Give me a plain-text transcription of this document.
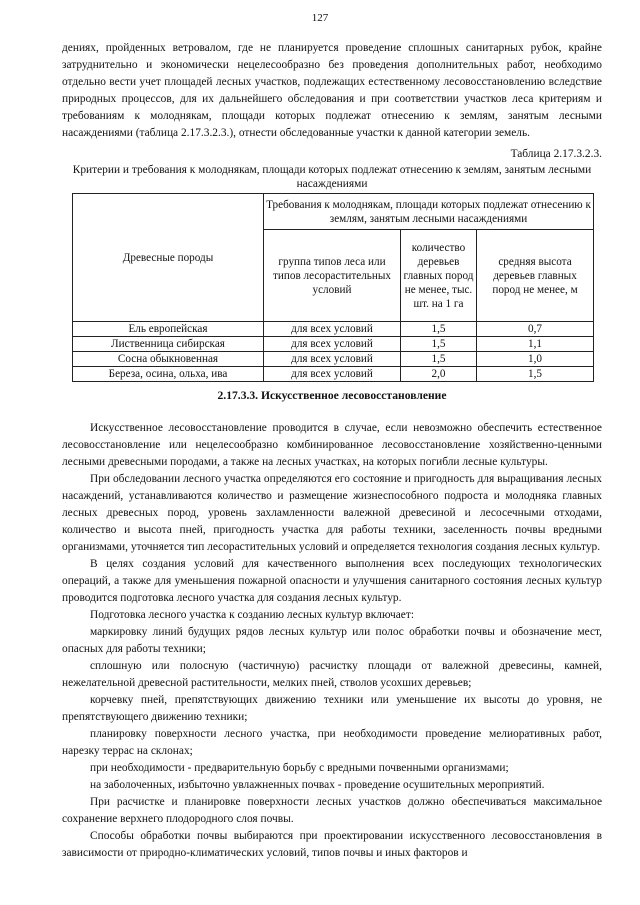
127

дениях, пройденных ветровалом, где не планируется проведение сплошных санитарных рубок, крайне затруднительно и экономически нецелесообразно без проведения дополнительных работ, необходимо отдельно вести учет площадей лесных участков, подлежащих естественному лесовосстановлению вследствие природных процессов, для их дальнейшего обследования и при соответствии участков леса критериям и требованиям к молоднякам, площади которых подлежат отнесению к землям, занятым лесными насаждениями (таблица 2.17.3.2.3.), отнести обследованные участки к данной категории земель.

Таблица 2.17.3.2.3.
Критерии и требования к молоднякам, площади которых подлежат отнесению к землям, занятым лесными насаждениями
Древесные породы	Требования к молоднякам, площади которых подлежат отнесению к землям, занятым лесными насаждениями		
	группа типов леса или типов лесорастительных условий	количество деревьев главных пород не менее, тыс. шт. на 1 га	средняя высота деревьев главных пород не менее, м
Ель европейская	для всех условий	1,5	0,7
Лиственница сибирская	для всех условий	1,5	1,1
Сосна обыкновенная	для всех условий	1,5	1,0
Береза, осина, ольха, ива	для всех условий	2,0	1,5
2.17.3.3. Искусственное лесовосстановление

Искусственное лесовосстановление проводится в случае, если невозможно обеспечить естественное лесовосстановление или нецелесообразно комбинированное лесовосстановление хозяйственно-ценными лесными древесными породами, а также на лесных участках, на которых погибли лесные культуры.

При обследовании лесного участка определяются его состояние и пригодность для выращивания лесных насаждений, устанавливаются количество и размещение жизнеспособного подроста и молодняка главных лесных древесных пород, уровень захламленности валежной древесиной и лесосечными отходами, количество и высота пней, пригодность участка для работы техники, заселенность почвы вредными организмами, уточняется тип лесорастительных условий и определяется технология создания лесных культур.

В целях создания условий для качественного выполнения всех последующих технологических операций, а также для уменьшения пожарной опасности и улучшения санитарного состояния лесных культур проводится подготовка лесного участка для создания лесных культур.

Подготовка лесного участка к созданию лесных культур включает:

маркировку линий будущих рядов лесных культур или полос обработки почвы и обозначение мест, опасных для работы техники;

сплошную или полосную (частичную) расчистку площади от валежной древесины, камней, нежелательной древесной растительности, мелких пней, стволов усохших деревьев;

корчевку пней, препятствующих движению техники или уменьшение их высоты до уровня, не препятствующего движению техники;

планировку поверхности лесного участка, при необходимости проведение мелиоративных работ, нарезку террас на склонах;

при необходимости - предварительную борьбу с вредными почвенными организмами;

на заболоченных, избыточно увлажненных почвах - проведение осушительных мероприятий.

При расчистке и планировке поверхности лесных участков должно обеспечиваться максимальное сохранение верхнего плодородного слоя почвы.

Способы обработки почвы выбираются при проектировании искусственного лесовосстановления в зависимости от природно-климатических условий, типов почвы и иных факторов и
